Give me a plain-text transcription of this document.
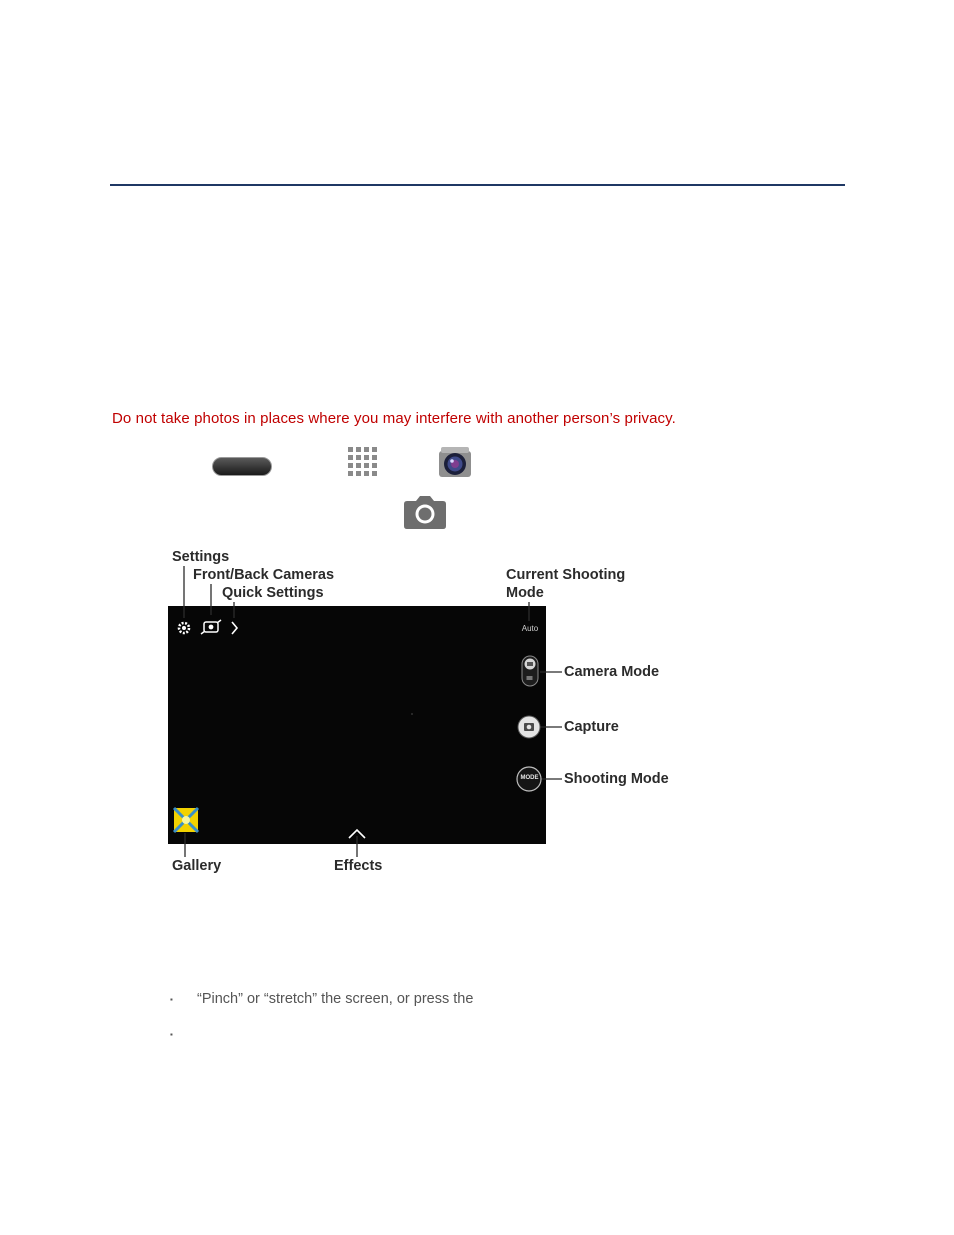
Do not take photos in places where you may interfere with another person’s privacy.
Auto
MODE
Settings
Front/Back Cameras
Quick Settings
Current Shooting
Mode
Camera Mode
Capture
Shooting Mode
Gallery	Effects
▪ “Pinch” or “stretch” the screen, or press the
▪
